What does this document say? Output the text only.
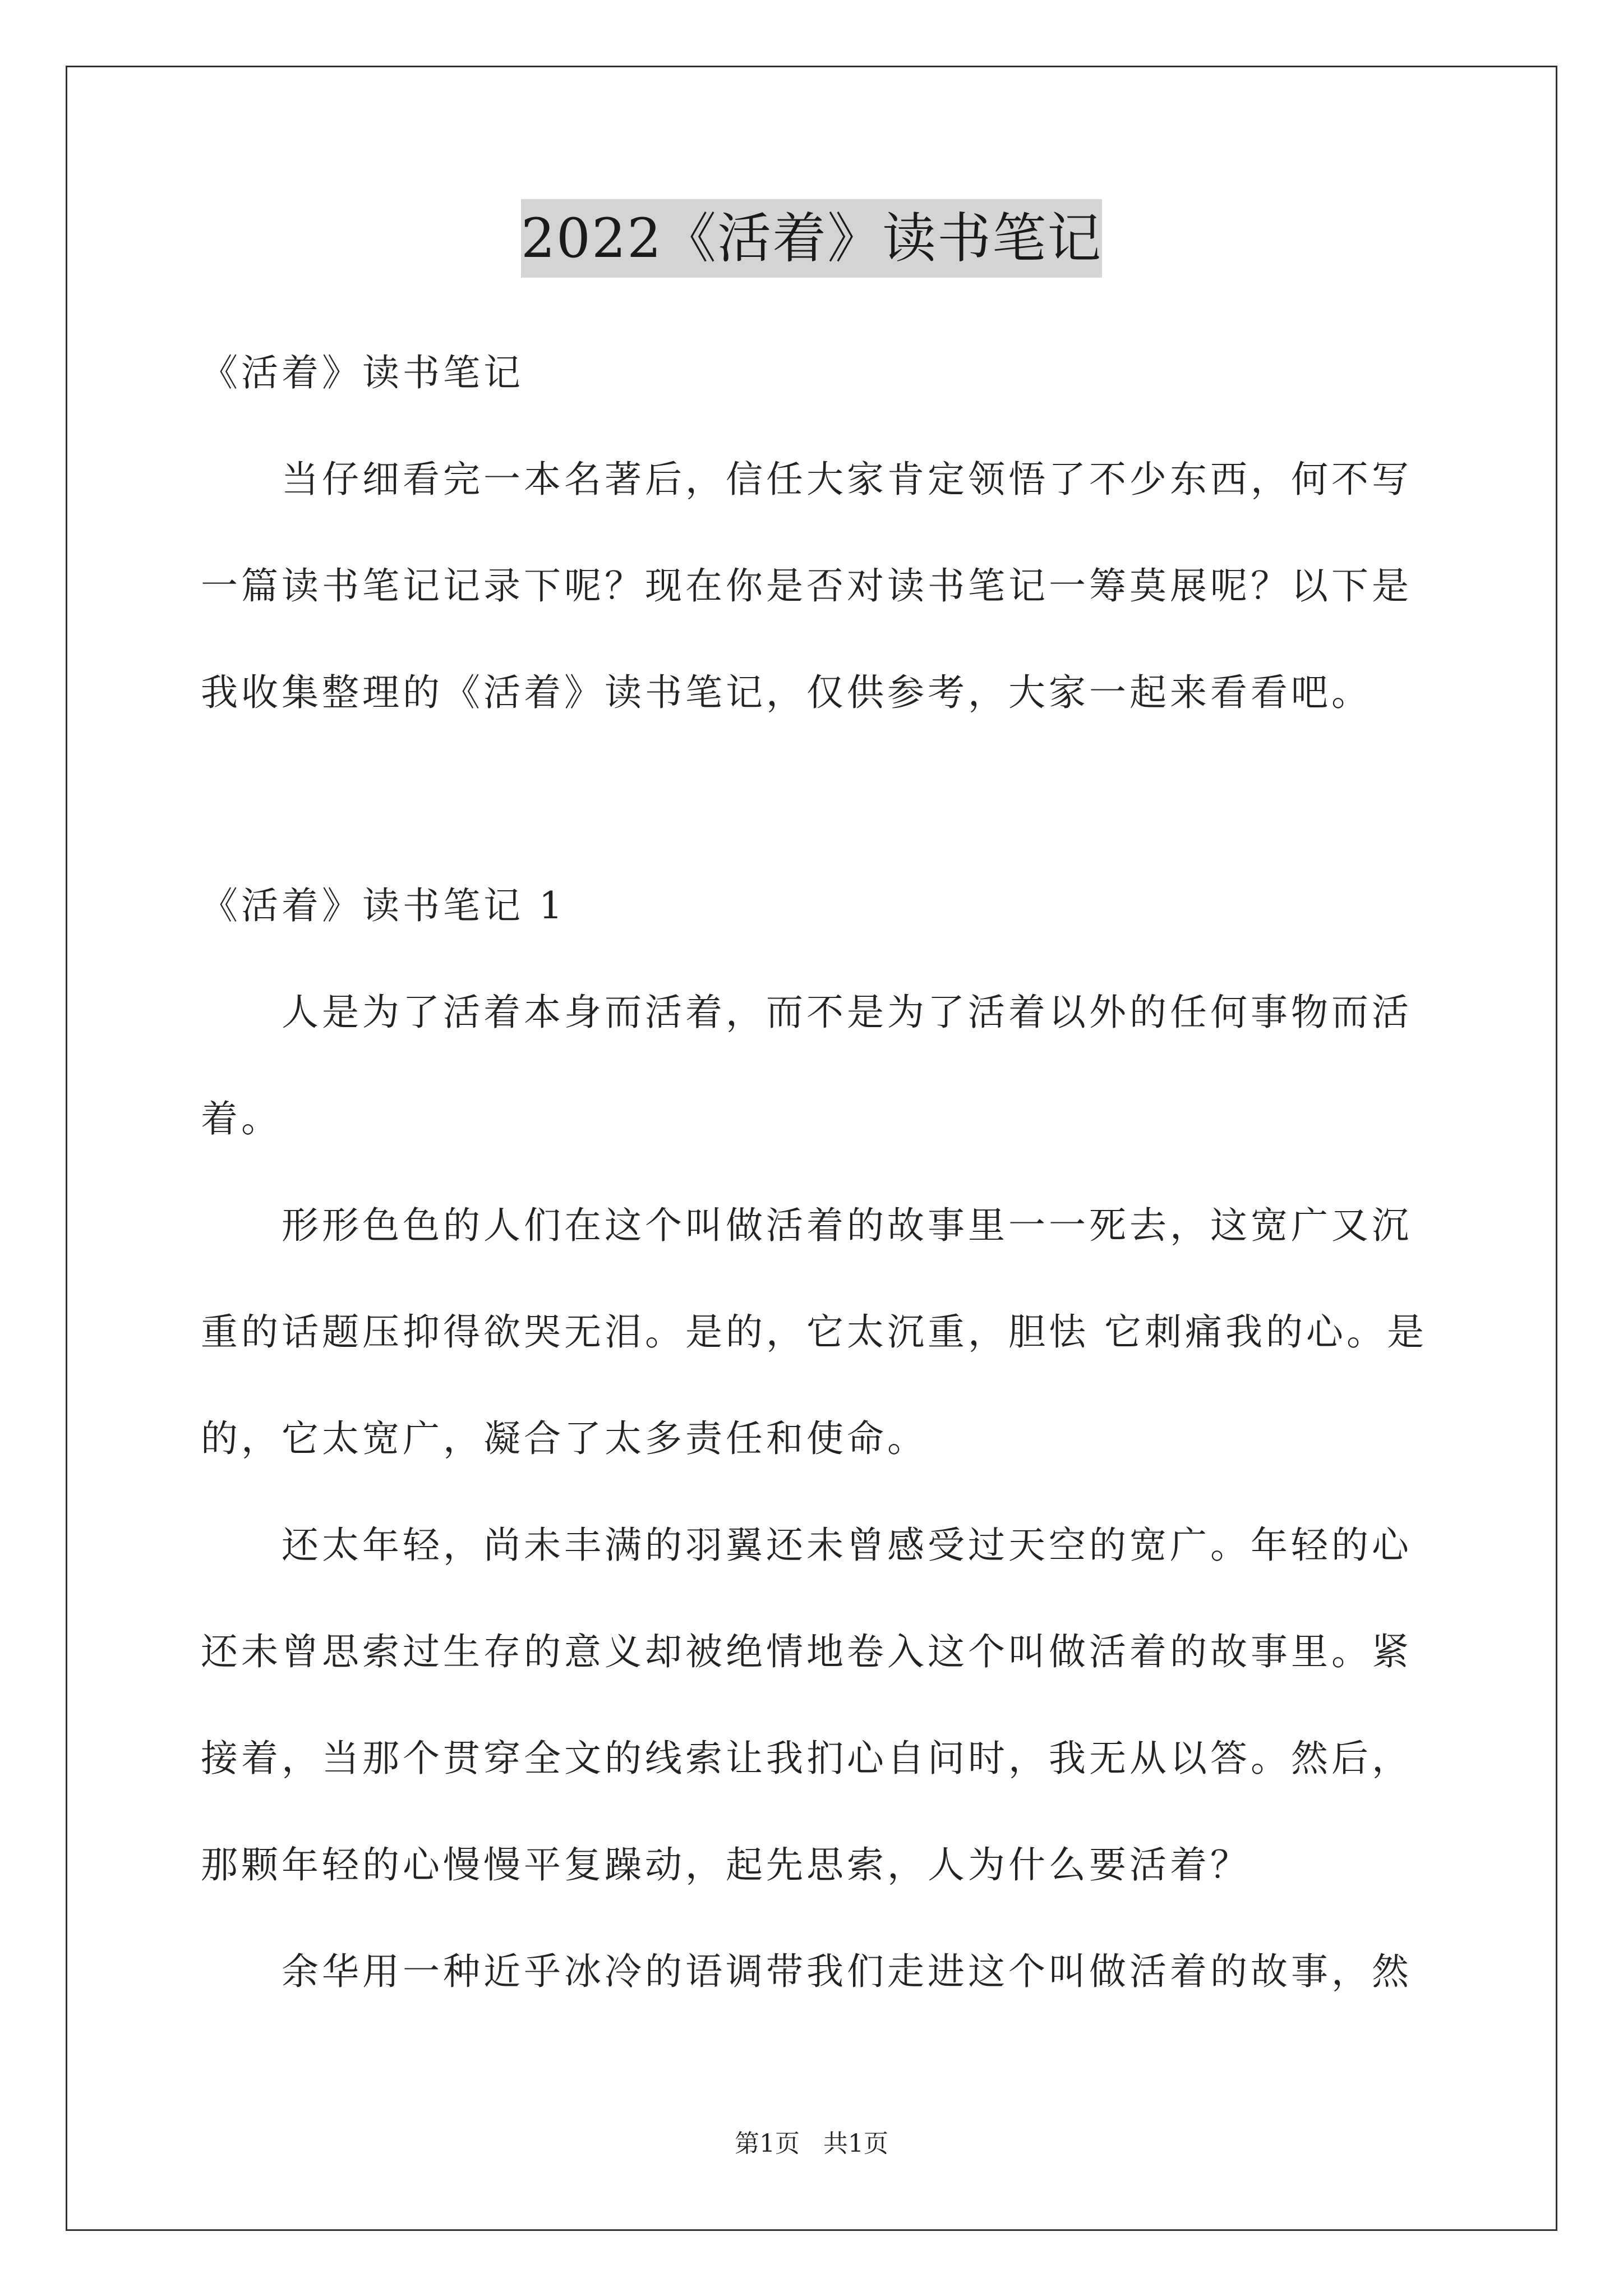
2022《活着》读书笔记
《活着》读书笔记
当仔细看完一本名著后，信任大家肯定领悟了不少东西，何不写
一篇读书笔记记录下呢？现在你是否对读书笔记一筹莫展呢？以下是
我收集整理的《活着》读书笔记，仅供参考，大家一起来看看吧。
《活着》读书笔记 1
人是为了活着本身而活着，而不是为了活着以外的任何事物而活
着。
形形色色的人们在这个叫做活着的故事里一一死去，这宽广又沉
重的话题压抑得欲哭无泪。是的，它太沉重，胆怯 它刺痛我的心。是
的，它太宽广，凝合了太多责任和使命。
还太年轻，尚未丰满的羽翼还未曾感受过天空的宽广。年轻的心
还未曾思索过生存的意义却被绝情地卷入这个叫做活着的故事里。紧
接着，当那个贯穿全文的线索让我扪心自问时，我无从以答。然后，
那颗年轻的心慢慢平复躁动，起先思索，人为什么要活着？
余华用一种近乎冰冷的语调带我们走进这个叫做活着的故事，然
第1页   共1页
